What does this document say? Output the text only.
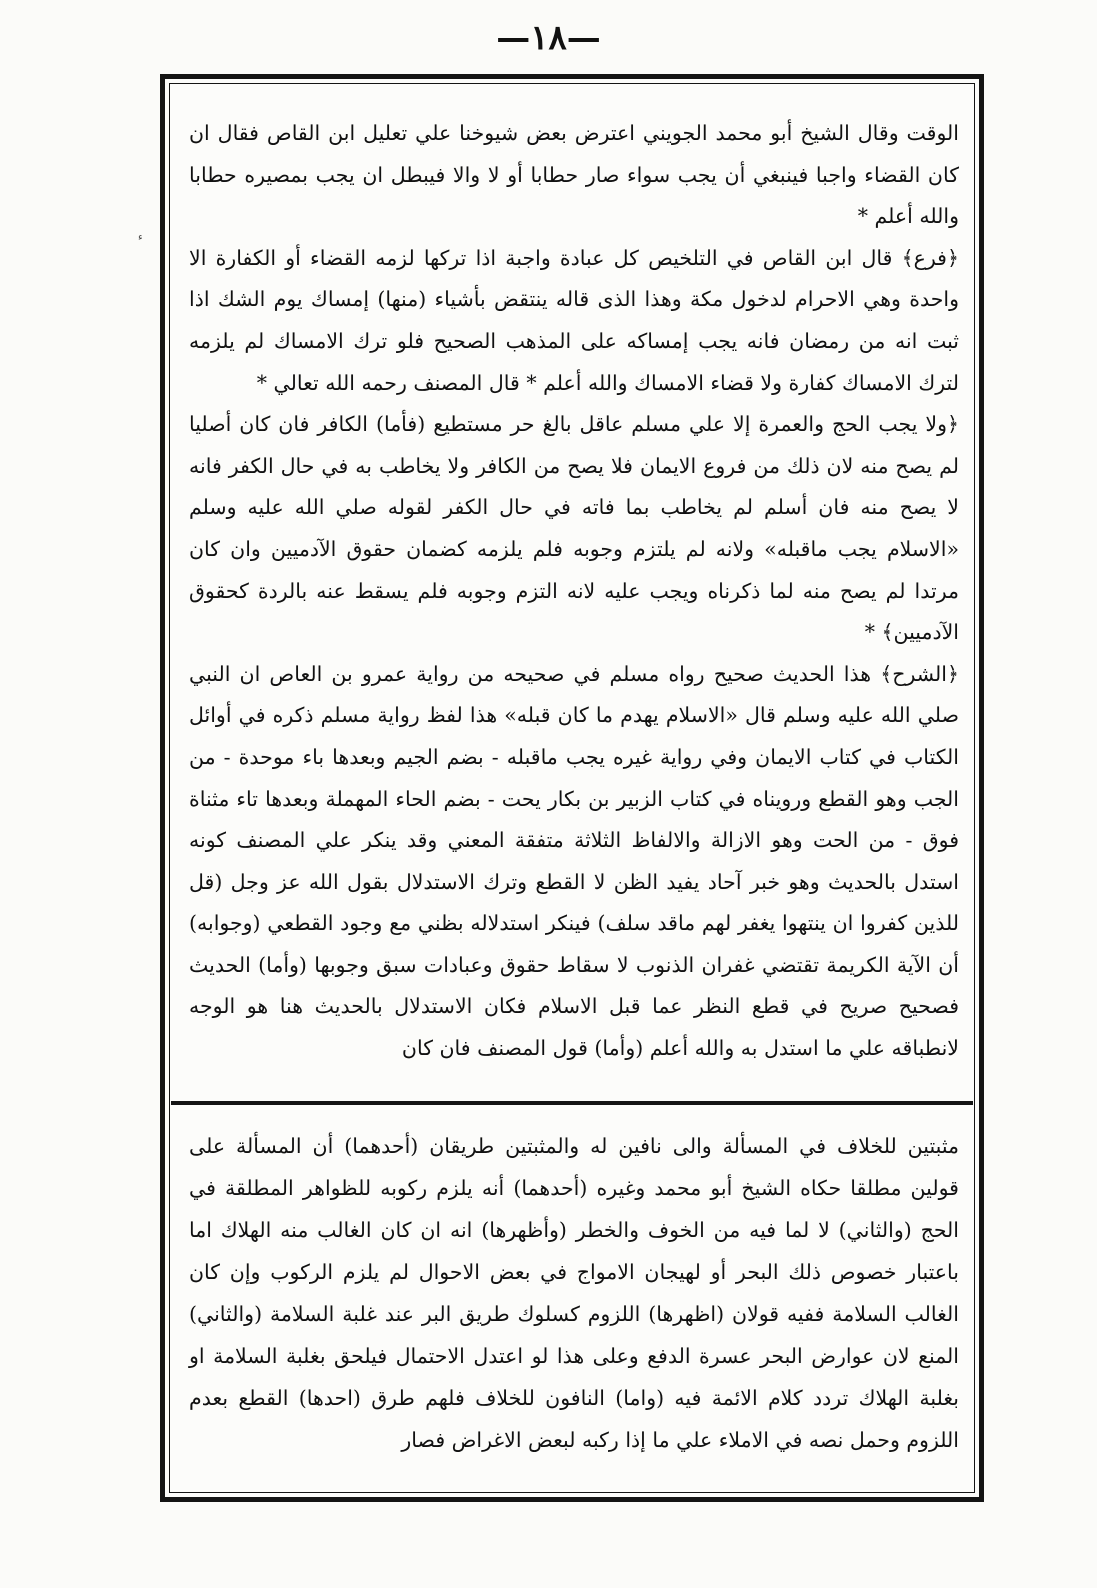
—١٨—
ء

الوقت وقال الشيخ أبو محمد الجويني اعترض بعض شيوخنا علي تعليل ابن القاص فقال ان كان القضاء واجبا فينبغي أن يجب سواء صار حطابا أو لا والا فيبطل ان يجب بمصيره حطابا والله أعلم *

﴿فرع﴾ قال ابن القاص في التلخيص كل عبادة واجبة اذا تركها لزمه القضاء أو الكفارة الا واحدة وهي الاحرام لدخول مكة وهذا الذى قاله ينتقض بأشياء (منها) إمساك يوم الشك اذا ثبت انه من رمضان فانه يجب إمساكه على المذهب الصحيح فلو ترك الامساك لم يلزمه لترك الامساك كفارة ولا قضاء الامساك والله أعلم * قال المصنف رحمه الله تعالي *

﴿ولا يجب الحج والعمرة إلا علي مسلم عاقل بالغ حر مستطيع (فأما) الكافر فان كان أصليا لم يصح منه لان ذلك من فروع الايمان فلا يصح من الكافر ولا يخاطب به في حال الكفر فانه لا يصح منه فان أسلم لم يخاطب بما فاته في حال الكفر لقوله صلي الله عليه وسلم «الاسلام يجب ماقبله» ولانه لم يلتزم وجوبه فلم يلزمه كضمان حقوق الآدميين وان كان مرتدا لم يصح منه لما ذكرناه ويجب عليه لانه التزم وجوبه فلم يسقط عنه بالردة كحقوق الآدميين﴾ *

﴿الشرح﴾ هذا الحديث صحيح رواه مسلم في صحيحه من رواية عمرو بن العاص ان النبي صلي الله عليه وسلم قال «الاسلام يهدم ما كان قبله» هذا لفظ رواية مسلم ذكره في أوائل الكتاب في كتاب الايمان وفي رواية غيره يجب ماقبله - بضم الجيم وبعدها باء موحدة - من الجب وهو القطع ورويناه في كتاب الزبير بن بكار يحت - بضم الحاء المهملة وبعدها تاء مثناة فوق - من الحت وهو الازالة والالفاظ الثلاثة متفقة المعني وقد ينكر علي المصنف كونه استدل بالحديث وهو خبر آحاد يفيد الظن لا القطع وترك الاستدلال بقول الله عز وجل (قل للذين كفروا ان ينتهوا يغفر لهم ماقد سلف) فينكر استدلاله بظني مع وجود القطعي (وجوابه) أن الآية الكريمة تقتضي غفران الذنوب لا سقاط حقوق وعبادات سبق وجوبها (وأما) الحديث فصحيح صريح في قطع النظر عما قبل الاسلام فكان الاستدلال بالحديث هنا هو الوجه لانطباقه علي ما استدل به والله أعلم (وأما) قول المصنف فان كان

مثبتين للخلاف في المسألة والى نافين له والمثبتين طريقان (أحدهما) أن المسألة على قولين مطلقا حكاه الشيخ أبو محمد وغيره (أحدهما) أنه يلزم ركوبه للظواهر المطلقة في الحج (والثاني) لا لما فيه من الخوف والخطر (وأظهرها) انه ان كان الغالب منه الهلاك اما باعتبار خصوص ذلك البحر أو لهيجان الامواج في بعض الاحوال لم يلزم الركوب وإن كان الغالب السلامة ففيه قولان (اظهرها) اللزوم كسلوك طريق البر عند غلبة السلامة (والثاني) المنع لان عوارض البحر عسرة الدفع وعلى هذا لو اعتدل الاحتمال فيلحق بغلبة السلامة او بغلبة الهلاك تردد كلام الائمة فيه (واما) النافون للخلاف فلهم طرق (احدها) القطع بعدم اللزوم وحمل نصه في الاملاء علي ما إذا ركبه لبعض الاغراض فصار
